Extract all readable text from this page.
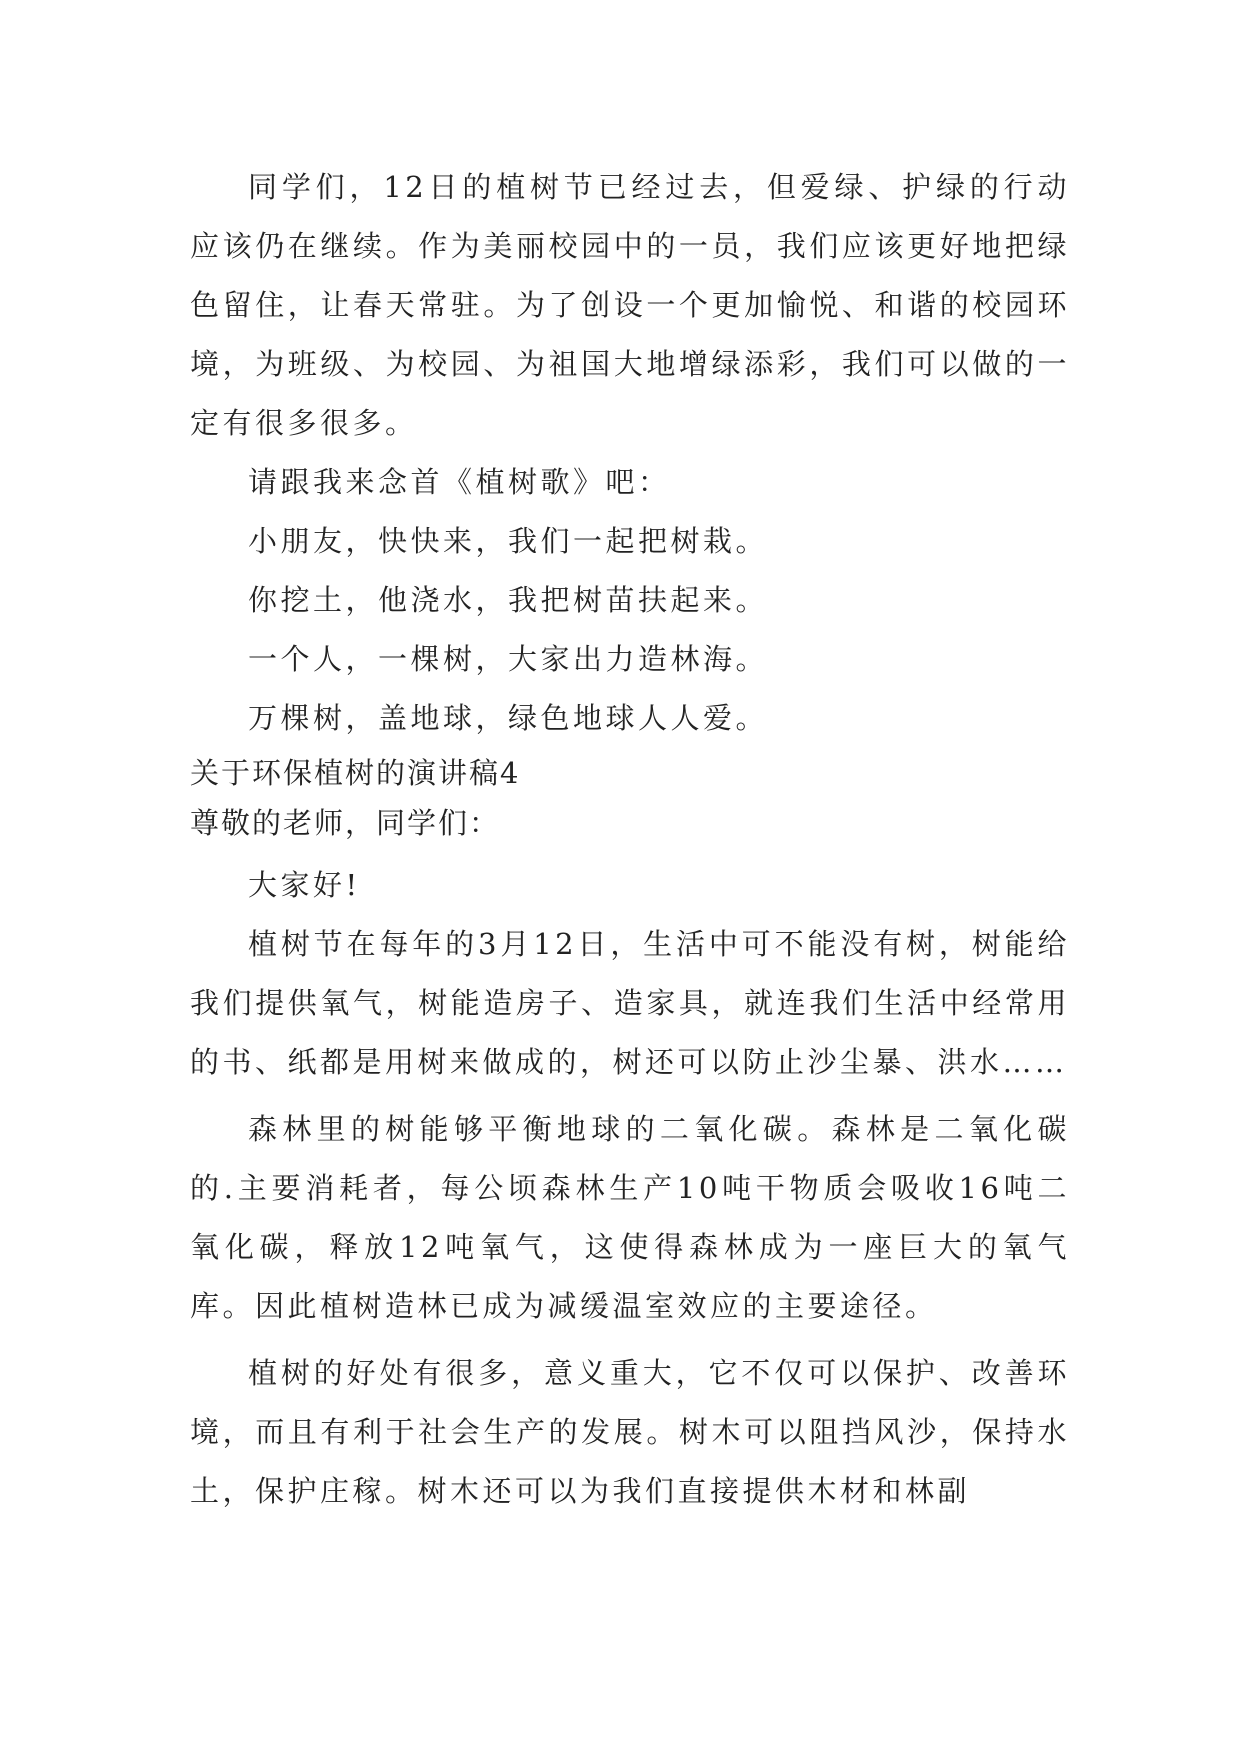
同学们，12日的植树节已经过去，但爱绿、护绿的行动应该仍在继续。作为美丽校园中的一员，我们应该更好地把绿色留住，让春天常驻。为了创设一个更加愉悦、和谐的校园环境，为班级、为校园、为祖国大地增绿添彩，我们可以做的一定有很多很多。

请跟我来念首《植树歌》吧：

小朋友，快快来，我们一起把树栽。

你挖土，他浇水，我把树苗扶起来。

一个人，一棵树，大家出力造林海。

万棵树，盖地球，绿色地球人人爱。

关于环保植树的演讲稿4

尊敬的老师，同学们：

大家好!

植树节在每年的3月12日，生活中可不能没有树，树能给我们提供氧气，树能造房子、造家具，就连我们生活中经常用的书、纸都是用树来做成的，树还可以防止沙尘暴、洪水……

森林里的树能够平衡地球的二氧化碳。森林是二氧化碳的.主要消耗者，每公顷森林生产10吨干物质会吸收16吨二氧化碳，释放12吨氧气，这使得森林成为一座巨大的氧气库。因此植树造林已成为减缓温室效应的主要途径。

植树的好处有很多，意义重大，它不仅可以保护、改善环境，而且有利于社会生产的发展。树木可以阻挡风沙，保持水土，保护庄稼。树木还可以为我们直接提供木材和林副
